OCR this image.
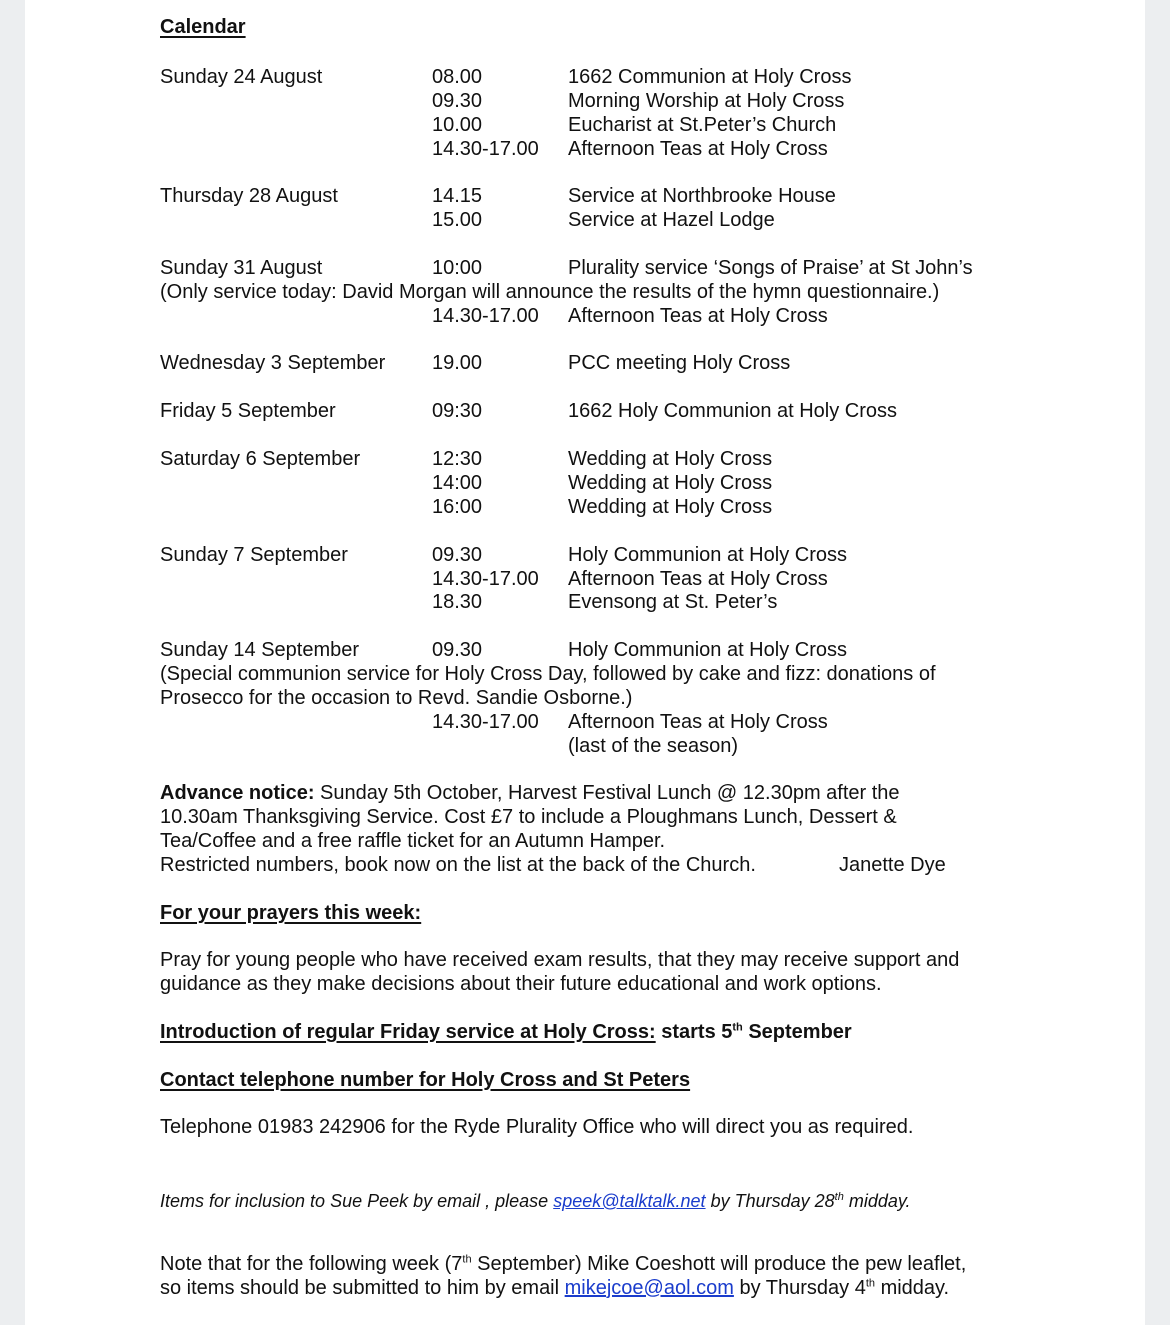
Calendar
Sunday 24 August	08.00	1662 Communion at Holy Cross
09.30	Morning Worship at Holy Cross
10.00	Eucharist at St.Peter’s Church
14.30-17.00 Afternoon Teas at Holy Cross
Thursday 28 August	14.15	Service at Northbrooke House
15.00	Service at Hazel Lodge
Sunday 31 August	10:00	Plurality service ‘Songs of Praise’ at St John’s
(Only service today: David Morgan will announce the results of the hymn questionnaire.)
14.30-17.00 Afternoon Teas at Holy Cross
Wednesday 3 September 19.00	PCC meeting Holy Cross
Friday 5 September	09:30	1662 Holy Communion at Holy Cross
Saturday 6 September	12:30	Wedding at Holy Cross
14:00	Wedding at Holy Cross
16:00	Wedding at Holy Cross
Sunday 7 September	09.30	Holy Communion at Holy Cross
14.30-17.00 Afternoon Teas at Holy Cross
18.30	Evensong at St. Peter’s
Sunday 14 September	09.30	Holy Communion at Holy Cross
(Special communion service for Holy Cross Day, followed by cake and fizz: donations of
Prosecco for the occasion to Revd. Sandie Osborne.)
14.30-17.00 Afternoon Teas at Holy Cross
(last of the season)
Advance notice: Sunday 5th October, Harvest Festival Lunch @ 12.30pm after the
10.30am Thanksgiving Service. Cost £7 to include a Ploughmans Lunch, Dessert &
Tea/Coffee and a free raffle ticket for an Autumn Hamper.
Restricted numbers, book now on the list at the back of the Church.	Janette Dye
For your prayers this week:
Pray for young people who have received exam results, that they may receive support and
guidance as they make decisions about their future educational and work options.
Introduction of regular Friday service at Holy Cross: starts 5th September
Contact telephone number for Holy Cross and St Peters
Telephone 01983 242906 for the Ryde Plurality Office who will direct you as required.
Items for inclusion to Sue Peek by email , please speek@talktalk.net by Thursday 28th midday.
Note that for the following week (7th September) Mike Coeshott will produce the pew leaflet,
so items should be submitted to him by email mikejcoe@aol.com by Thursday 4th midday.
